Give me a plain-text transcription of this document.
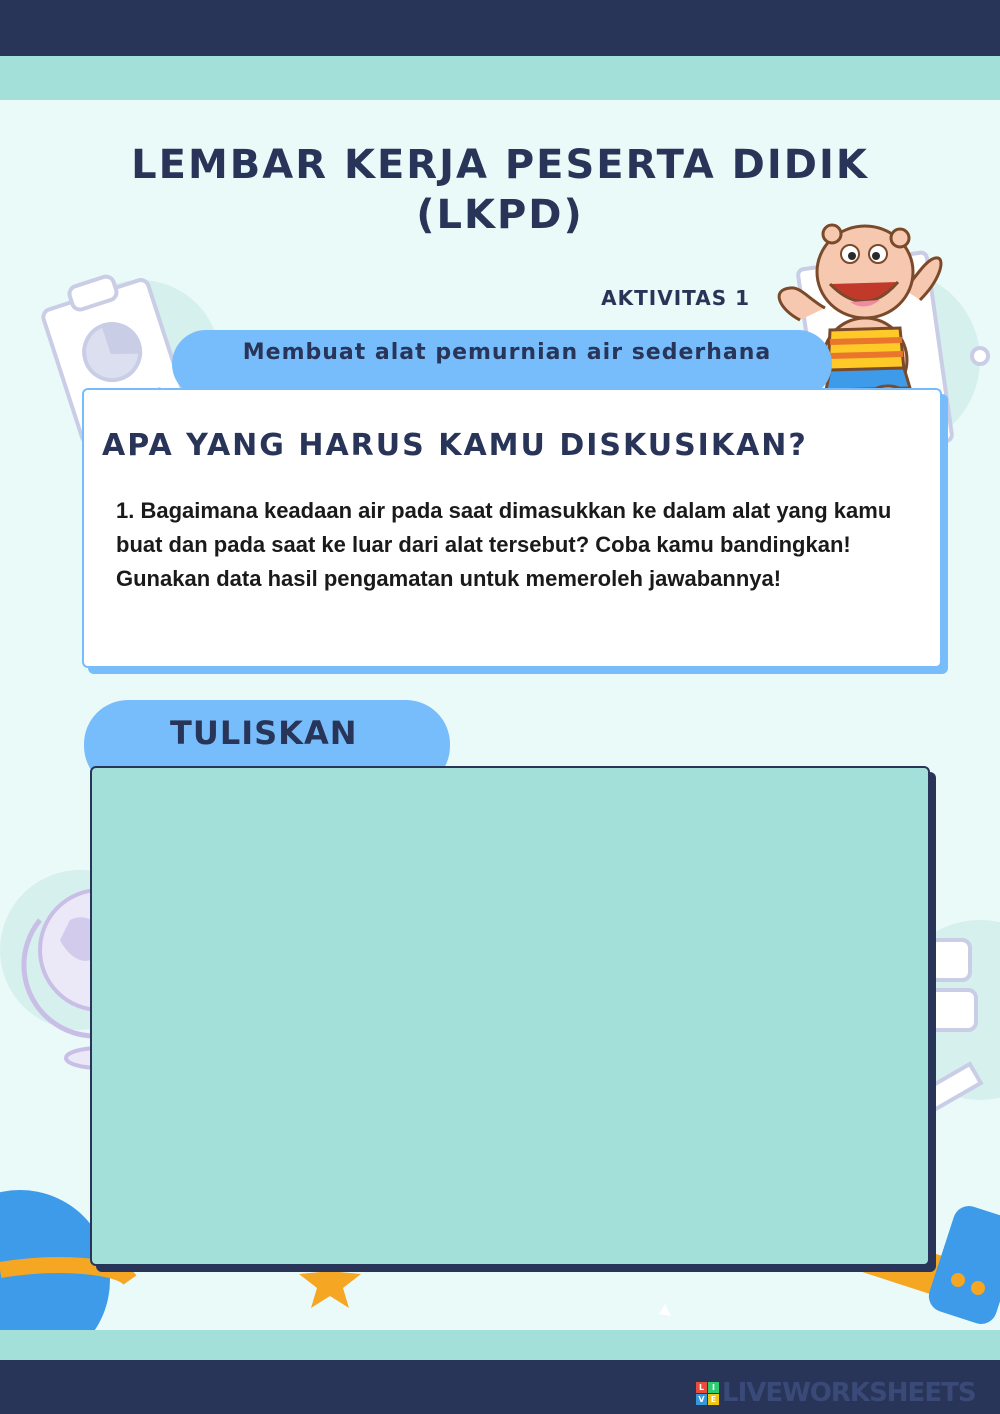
LEMBAR KERJA PESERTA DIDIK
(LKPD)
AKTIVITAS 1
Membuat alat pemurnian air sederhana
APA YANG HARUS KAMU DISKUSIKAN?
1. Bagaimana keadaan air pada saat dimasukkan ke dalam alat yang kamu buat dan pada saat ke luar dari alat tersebut? Coba kamu bandingkan! Gunakan data hasil pengamatan untuk memeroleh jawabannya!
TULISKAN
L I
V E LIVEWORKSHEETS
